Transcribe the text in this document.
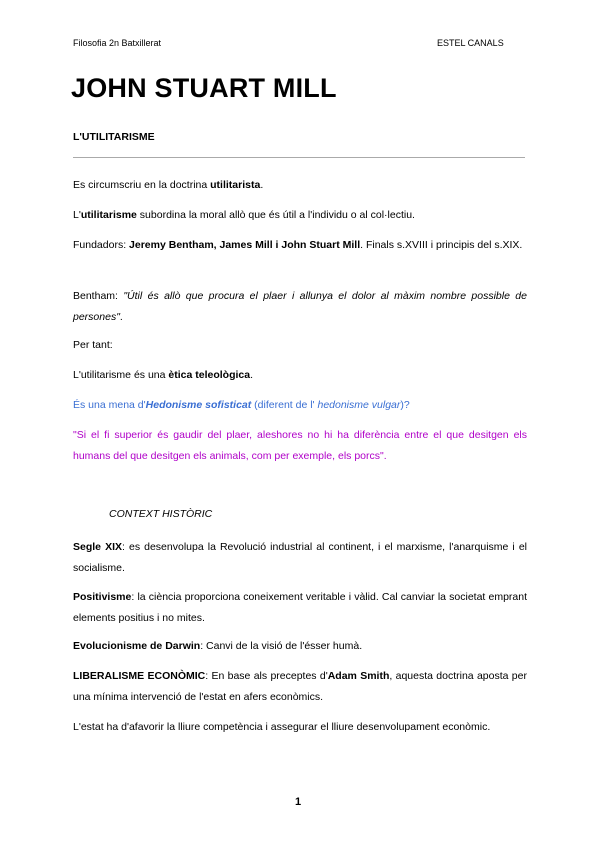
Filosofia 2n Batxillerat	ESTEL CANALS
JOHN STUART MILL
L'UTILITARISME
Es circumscriu en la doctrina utilitarista.
L'utilitarisme subordina la moral allò que és útil a l'individu o al col·lectiu.
Fundadors: Jeremy Bentham, James Mill i John Stuart Mill. Finals s.XVIII i principis del s.XIX.
Bentham: "Útil és allò que procura el plaer i allunya el dolor al màxim nombre possible de persones".
Per tant:
L'utilitarisme és una ètica teleològica.
És una mena d'Hedonisme sofisticat (diferent de l' hedonisme vulgar)?
"Si el fi superior és gaudir del plaer, aleshores no hi ha diferència entre el que desitgen els humans del que desitgen els animals, com per exemple, els porcs".
CONTEXT HISTÒRIC
Segle XIX: es desenvolupa la Revolució industrial al continent, i el marxisme, l'anarquisme i el socialisme.
Positivisme: la ciència proporciona coneixement veritable i vàlid. Cal canviar la societat emprant elements positius i no mites.
Evolucionisme de Darwin: Canvi de la visió de l'ésser humà.
LIBERALISME ECONÒMIC: En base als preceptes d'Adam Smith, aquesta doctrina aposta per una mínima intervenció de l'estat en afers econòmics.
L'estat ha d'afavorir la lliure competència i assegurar el lliure desenvolupament econòmic.
1
